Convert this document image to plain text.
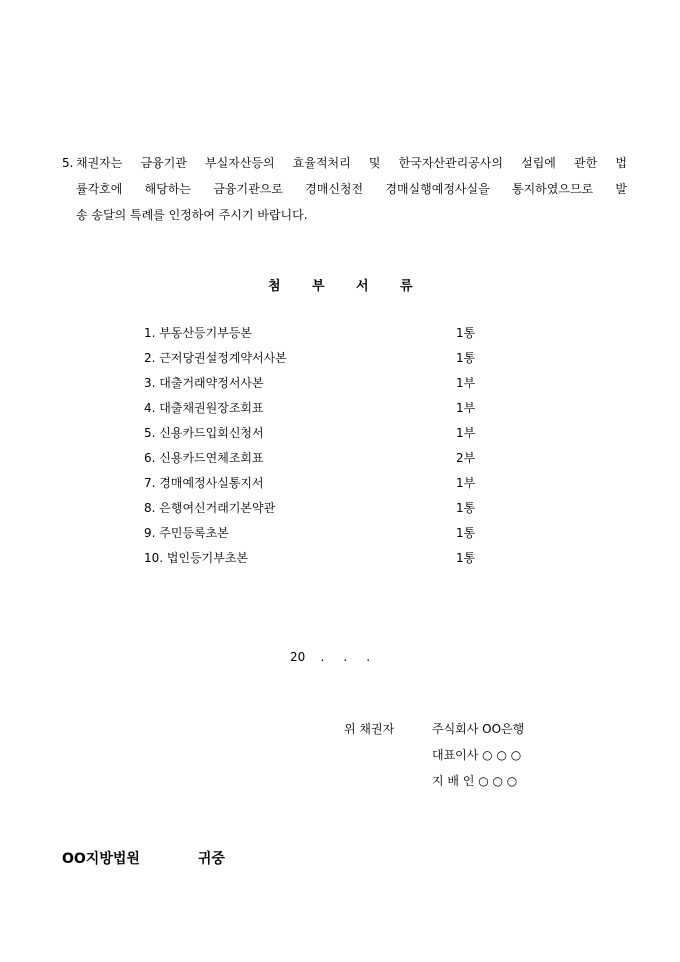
5. 채권자는 금융기관 부실자산등의 효율적처리 및 한국자산관리공사의 설립에 관한 법
률각호에 해당하는 금융기관으로 경매신청전 경매실행예정사실을 통지하였으므로 발
송 송달의 특례를 인정하여 주시기 바랍니다.
첨 부 서 류
1. 부동산등기부등본	1통
2. 근저당권설정계약서사본	1통
3. 대출거래약정서사본	1부
4. 대출채권원장조회표	1부
5. 신용카드입회신청서	1부
6. 신용카드연체조회표	2부
7. 경매예정사실통지서	1부
8. 은행여신거래기본약관	1통
9. 주민등록초본	1통
10. 법인등기부초본	1통
20    .     .     .
위 채권자	주식회사 OO은행
대표이사 ○ ○ ○
지 배 인 ○ ○ ○
OO지방법원	귀중
